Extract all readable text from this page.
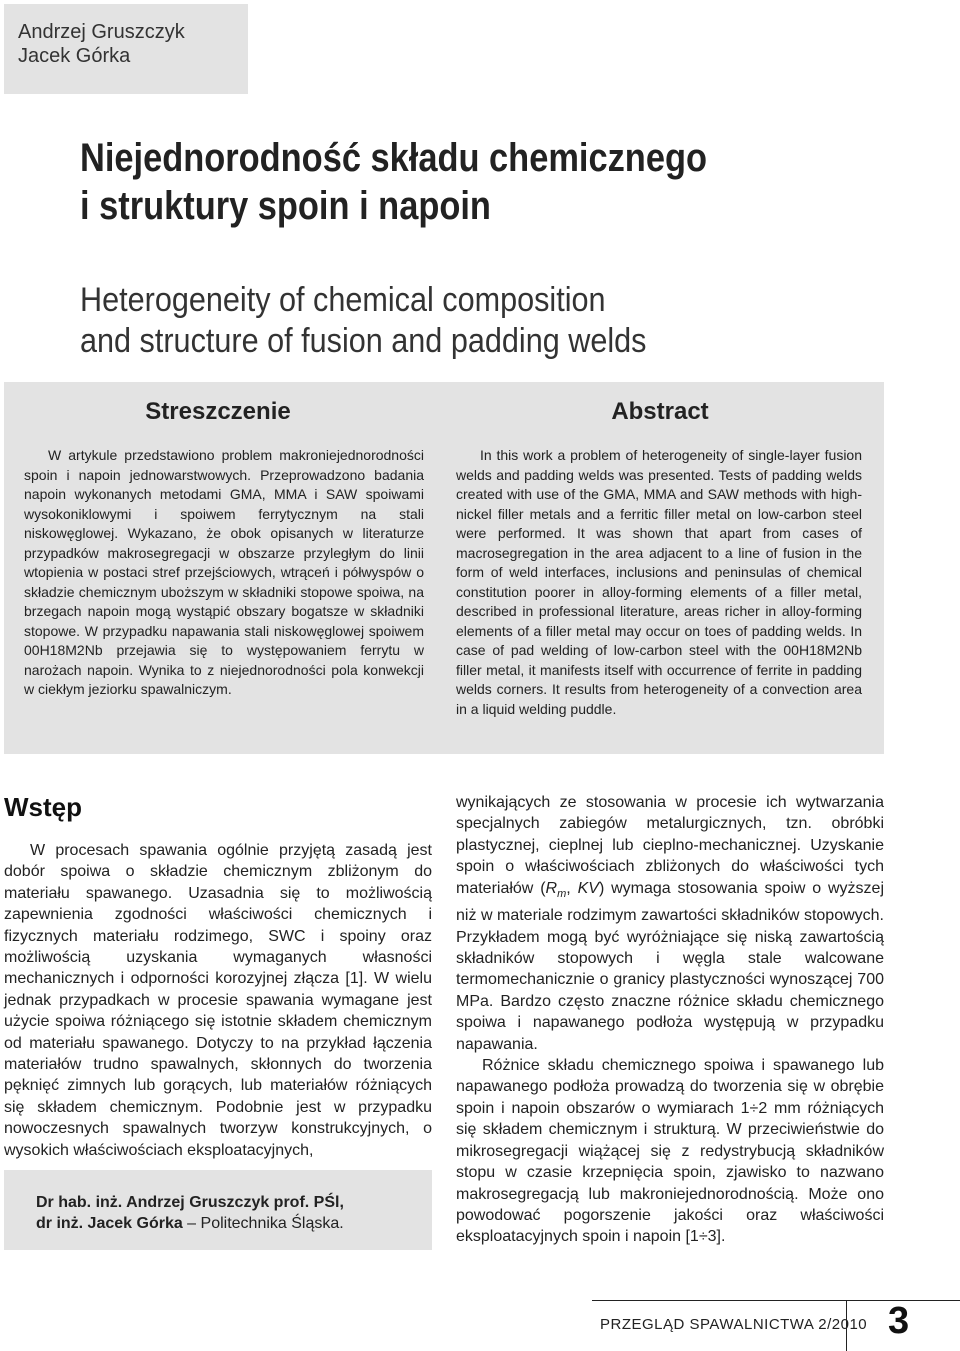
Andrzej Gruszczyk
Jacek Górka
Niejednorodność składu chemicznego
i struktury spoin i napoin
Heterogeneity of chemical composition
and structure of fusion and padding welds
Streszczenie

W artykule przedstawiono problem makroniejednorodności spoin i napoin jednowarstwowych. Przeprowadzono badania napoin wykonanych metodami GMA, MMA i SAW spoiwami wysokoniklowymi i spoiwem ferrytycznym na stali niskowęglowej. Wykazano, że obok opisanych w literaturze przypadków makrosegregacji w obszarze przyległym do linii wtopienia w postaci stref przejściowych, wtrąceń i półwyspów o składzie chemicznym uboższym w składniki stopowe spoiwa, na brzegach napoin mogą wystąpić obszary bogatsze w składniki stopowe. W przypadku napawania stali niskowęglowej spoiwem 00H18M2Nb przejawia się to występowaniem ferrytu w narożach napoin. Wynika to z niejednorodności pola konwekcji w ciekłym jeziorku spawalniczym.

Abstract

In this work a problem of heterogeneity of single-layer fusion welds and padding welds was presented. Tests of padding welds created with use of the GMA, MMA and SAW methods with high-nickel filler metals and a ferritic filler metal on low-carbon steel were performed. It was shown that apart from cases of macrosegregation in the area adjacent to a line of fusion in the form of weld interfaces, inclusions and peninsulas of chemical constitution poorer in alloy-forming elements of a filler metal, described in professional literature, areas richer in alloy-forming elements of a filler metal may occur on toes of padding welds. In case of pad welding of low-carbon steel with the 00H18M2Nb filler metal, it manifests itself with occurrence of ferrite in padding welds corners. It results from heterogeneity of a convection area in a liquid welding puddle.

Wstęp

W procesach spawania ogólnie przyjętą zasadą jest dobór spoiwa o składzie chemicznym zbliżonym do materiału spawanego. Uzasadnia się to możliwością zapewnienia zgodności właściwości chemicznych i fizycznych materiału rodzimego, SWC i spoiny oraz możliwością uzyskania wymaganych własności mechanicznych i odporności korozyjnej złącza [1]. W wielu jednak przypadkach w procesie spawania wymagane jest użycie spoiwa różniącego się istotnie składem chemicznym od materiału spawanego. Dotyczy to na przykład łączenia materiałów trudno spawalnych, skłonnych do tworzenia pęknięć zimnych lub gorących, lub materiałów różniących się składem chemicznym. Podobnie jest w przypadku nowoczesnych spawalnych tworzyw konstrukcyjnych, o wysokich właściwościach eksploatacyjnych,

Dr hab. inż. Andrzej Gruszczyk prof. PŚl,
dr inż. Jacek Górka – Politechnika Śląska.

wynikających ze stosowania w procesie ich wytwarzania specjalnych zabiegów metalurgicznych, tzn. obróbki plastycznej, cieplnej lub cieplno-mechanicznej. Uzyskanie spoin o właściwościach zbliżonych do właściwości tych materiałów ($R_m$, KV) wymaga stosowania spoiw o wyższej niż w materiale rodzimym zawartości składników stopowych. Przykładem mogą być wyróżniające się niską zawartością składników stopowych i węgla stale walcowane termomechanicznie o granicy plastyczności wynoszącej 700 MPa. Bardzo często znaczne różnice składu chemicznego spoiwa i napawanego podłoża występują w przypadku napawania.

Różnice składu chemicznego spoiwa i spawanego lub napawanego podłoża prowadzą do tworzenia się w obrębie spoin i napoin obszarów o wymiarach 1÷2 mm różniących się składem chemicznym i strukturą. W przeciwieństwie do mikrosegregacji wiążącej się z redystrybucją składników stopu w czasie krzepnięcia spoin, zjawisko to nazwano makrosegregacją lub makroniejednorodnością. Może ono powodować pogorszenie jakości oraz właściwości eksploatacyjnych spoin i napoin [1÷3].

PRZEGLĄD SPAWALNICTWA 2/2010 3
